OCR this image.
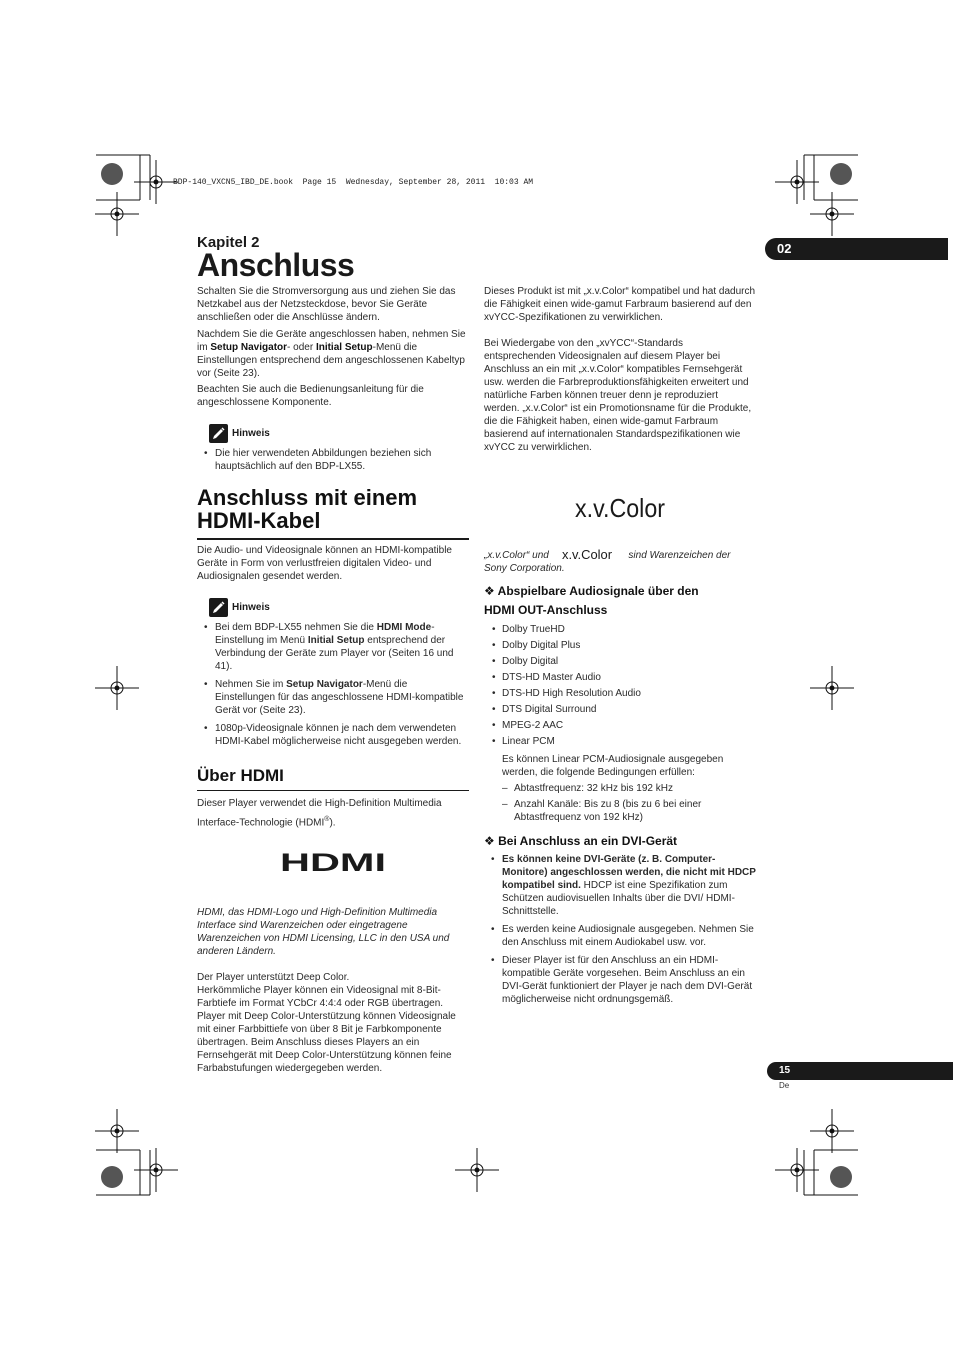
BDP-140_VXCN5_IBD_DE.book  Page 15  Wednesday, September 28, 2011  10:03 AM
02
Kapitel 2
Anschluss
Schalten Sie die Stromversorgung aus und ziehen Sie das Netzkabel aus der Netzsteckdose, bevor Sie Geräte anschließen oder die Anschlüsse ändern.
Nachdem Sie die Geräte angeschlossen haben, nehmen Sie im Setup Navigator- oder Initial Setup-Menü die Einstellungen entsprechend dem angeschlossenen Kabeltyp vor (Seite 23).
Beachten Sie auch die Bedienungsanleitung für die angeschlossene Komponente.
Hinweis
• Die hier verwendeten Abbildungen beziehen sich hauptsächlich auf den BDP-LX55.
Anschluss mit einem
HDMI-Kabel
Die Audio- und Videosignale können an HDMI-kompatible Geräte in Form von verlustfreien digitalen Video- und Audiosignalen gesendet werden.
Hinweis
• Bei dem BDP-LX55 nehmen Sie die HDMI Mode-Einstellung im Menü Initial Setup entsprechend der Verbindung der Geräte zum Player vor (Seiten 16 und 41).
• Nehmen Sie im Setup Navigator-Menü die Einstellungen für das angeschlossene HDMI-kompatible Gerät vor (Seite 23).
• 1080p-Videosignale können je nach dem verwendeten HDMI-Kabel möglicherweise nicht ausgegeben werden.
Über HDMI
Dieser Player verwendet die High-Definition Multimedia Interface-Technologie (HDMI®).
HDMI
HDMI, das HDMI-Logo und High-Definition Multimedia Interface sind Warenzeichen oder eingetragene Warenzeichen von HDMI Licensing, LLC in den USA und anderen Ländern.
Der Player unterstützt Deep Color.
Herkömmliche Player können ein Videosignal mit 8-Bit-Farbtiefe im Format YCbCr 4:4:4 oder RGB übertragen. Player mit Deep Color-Unterstützung können Videosignale mit einer Farbbittiefe von über 8 Bit je Farbkomponente übertragen. Beim Anschluss dieses Players an ein Fernsehgerät mit Deep Color-Unterstützung können feine Farbabstufungen wiedergegeben werden.
Dieses Produkt ist mit „x.v.Color“ kompatibel und hat dadurch die Fähigkeit einen wide-gamut Farbraum basierend auf den xvYCC-Spezifikationen zu verwirklichen.
Bei Wiedergabe von den „xvYCC“-Standards entsprechenden Videosignalen auf diesem Player bei Anschluss an ein mit „x.v.Color“ kompatibles Fernsehgerät usw. werden die Farbreproduktionsfähigkeiten erweitert und natürliche Farben können treuer denn je reproduziert werden. „x.v.Color“ ist ein Promotionsname für die Produkte, die die Fähigkeit haben, einen wide-gamut Farbraum basierend auf internationalen Standardspezifikationen wie xvYCC zu verwirklichen.
x.v.Color
„x.v.Color“ und x.v.Color sind Warenzeichen der Sony Corporation.
❖ Abspielbare Audiosignale über den
HDMI OUT-Anschluss
• Dolby TrueHD
• Dolby Digital Plus
• Dolby Digital
• DTS-HD Master Audio
• DTS-HD High Resolution Audio
• DTS Digital Surround
• MPEG-2 AAC
• Linear PCM
Es können Linear PCM-Audiosignale ausgegeben werden, die folgende Bedingungen erfüllen:
– Abtastfrequenz: 32 kHz bis 192 kHz
– Anzahl Kanäle: Bis zu 8 (bis zu 6 bei einer Abtastfrequenz von 192 kHz)
❖ Bei Anschluss an ein DVI-Gerät
• Es können keine DVI-Geräte (z. B. Computer-Monitore) angeschlossen werden, die nicht mit HDCP kompatibel sind. HDCP ist eine Spezifikation zum Schützen audiovisuellen Inhalts über die DVI/ HDMI-Schnittstelle.
• Es werden keine Audiosignale ausgegeben. Nehmen Sie den Anschluss mit einem Audiokabel usw. vor.
• Dieser Player ist für den Anschluss an ein HDMI-kompatible Geräte vorgesehen. Beim Anschluss an ein DVI-Gerät funktioniert der Player je nach dem DVI-Gerät möglicherweise nicht ordnungsgemäß.
15
De
